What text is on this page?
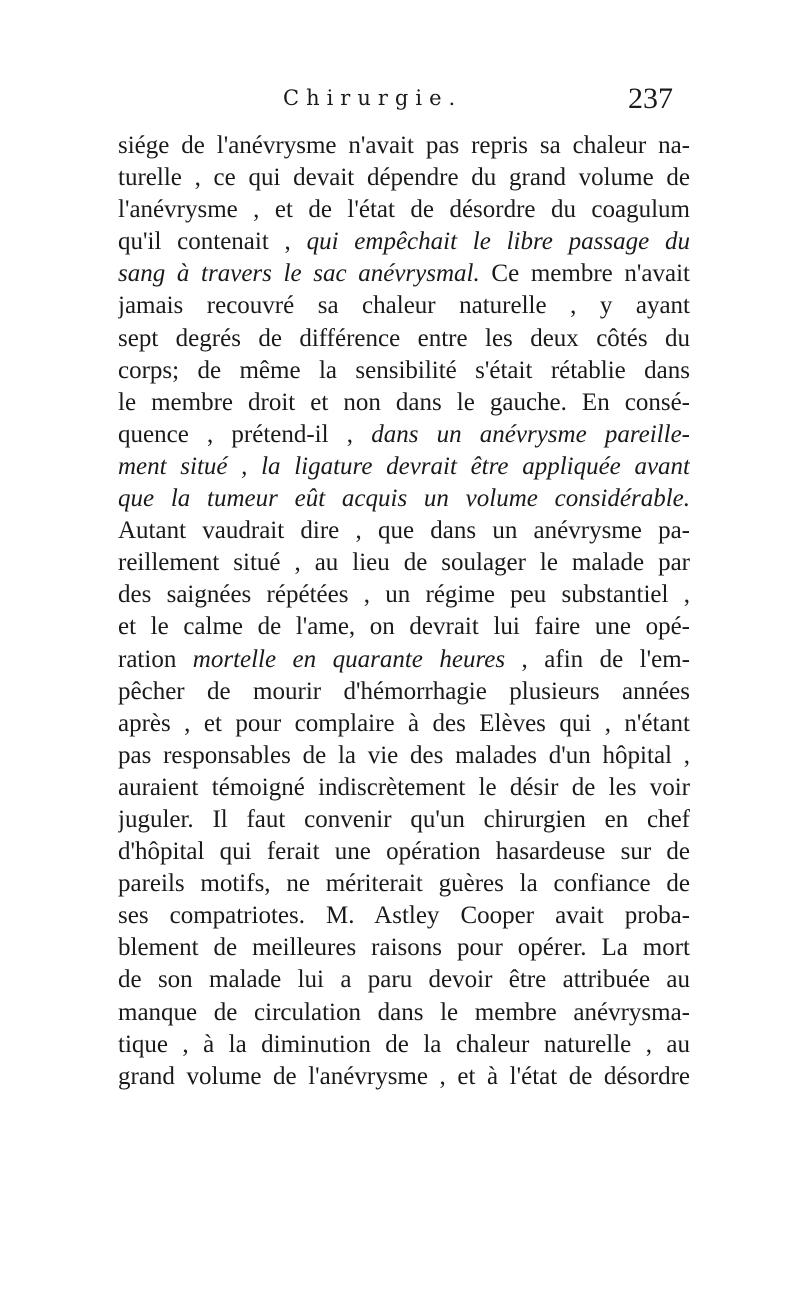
Chirurgie.	237
siége de l'anévrysme n'avait pas repris sa chaleur na-
turelle , ce qui devait dépendre du grand volume de
l'anévrysme , et de l'état de désordre du coagulum
qu'il contenait , qui empêchait le libre passage du
sang à travers le sac anévrysmal. Ce membre n'avait
jamais recouvré sa chaleur naturelle , y ayant
sept degrés de différence entre les deux côtés du
corps; de même la sensibilité s'était rétablie dans
le membre droit et non dans le gauche. En consé-
quence , prétend-il , dans un anévrysme pareille-
ment situé , la ligature devrait être appliquée avant
que la tumeur eût acquis un volume considérable.
Autant vaudrait dire , que dans un anévrysme pa-
reillement situé , au lieu de soulager le malade par
des saignées répétées , un régime peu substantiel ,
et le calme de l'ame, on devrait lui faire une opé-
ration mortelle en quarante heures , afin de l'em-
pêcher de mourir d'hémorrhagie plusieurs années
après , et pour complaire à des Elèves qui , n'étant
pas responsables de la vie des malades d'un hôpital ,
auraient témoigné indiscrètement le désir de les voir
juguler. Il faut convenir qu'un chirurgien en chef
d'hôpital qui ferait une opération hasardeuse sur de
pareils motifs, ne mériterait guères la confiance de
ses compatriotes. M. Astley Cooper avait proba-
blement de meilleures raisons pour opérer. La mort
de son malade lui a paru devoir être attribuée au
manque de circulation dans le membre anévrysma-
tique , à la diminution de la chaleur naturelle , au
grand volume de l'anévrysme , et à l'état de désordre
